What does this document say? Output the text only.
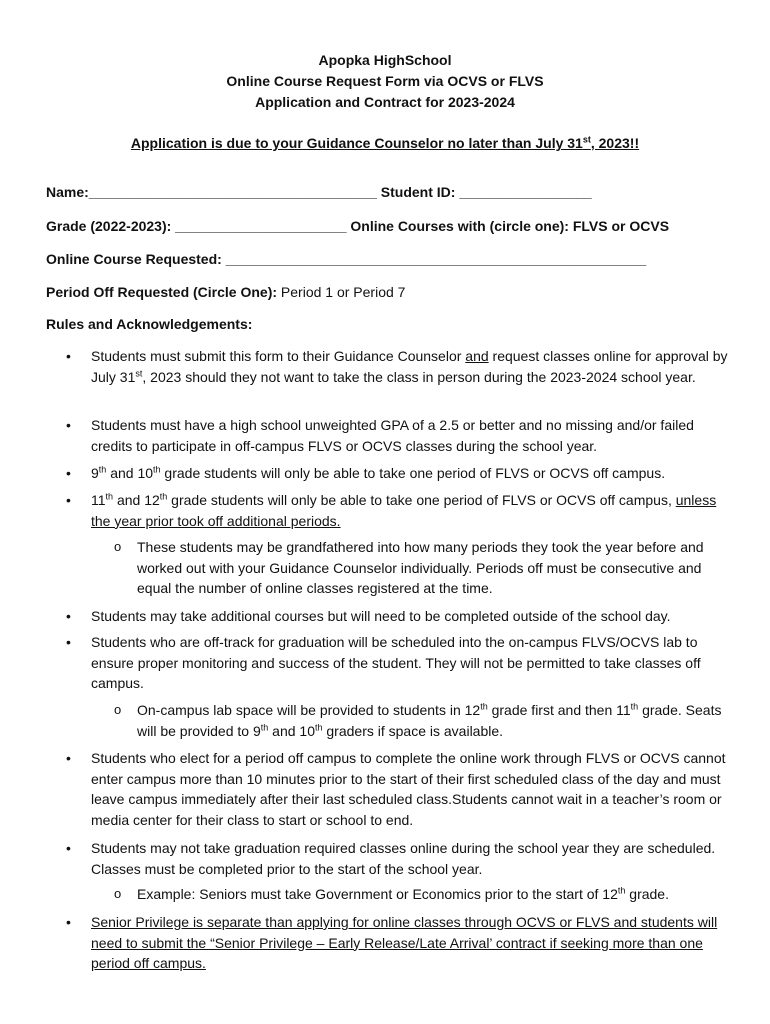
Apopka HighSchool
Online Course Request Form via OCVS or FLVS
Application and Contract for 2023-2024
Application is due to your Guidance Counselor no later than July 31st, 2023!!
Name:_____________________________________ Student ID: _________________
Grade (2022-2023): ______________________ Online Courses with (circle one): FLVS or OCVS
Online Course Requested: ______________________________________________________
Period Off Requested (Circle One): Period 1 or Period 7
Rules and Acknowledgements:
• Students must submit this form to their Guidance Counselor and request classes online for approval by July 31st, 2023 should they not want to take the class in person during the 2023-2024 school year.
• Students must have a high school unweighted GPA of a 2.5 or better and no missing and/or failed credits to participate in off-campus FLVS or OCVS classes during the school year.
• 9th and 10th grade students will only be able to take one period of FLVS or OCVS off campus.
• 11th and 12th grade students will only be able to take one period of FLVS or OCVS off campus, unless the year prior took off additional periods.
o These students may be grandfathered into how many periods they took the year before and worked out with your Guidance Counselor individually. Periods off must be consecutive and equal the number of online classes registered at the time.
• Students may take additional courses but will need to be completed outside of the school day.
• Students who are off-track for graduation will be scheduled into the on-campus FLVS/OCVS lab to ensure proper monitoring and success of the student. They will not be permitted to take classes off campus.
o On-campus lab space will be provided to students in 12th grade first and then 11th grade. Seats will be provided to 9th and 10th graders if space is available.
• Students who elect for a period off campus to complete the online work through FLVS or OCVS cannot enter campus more than 10 minutes prior to the start of their first scheduled class of the day and must leave campus immediately after their last scheduled class.Students cannot wait in a teacher’s room or media center for their class to start or school to end.
• Students may not take graduation required classes online during the school year they are scheduled. Classes must be completed prior to the start of the school year.
o Example: Seniors must take Government or Economics prior to the start of 12th grade.
• Senior Privilege is separate than applying for online classes through OCVS or FLVS and students will need to submit the “Senior Privilege – Early Release/Late Arrival’ contract if seeking more than one period off campus.
